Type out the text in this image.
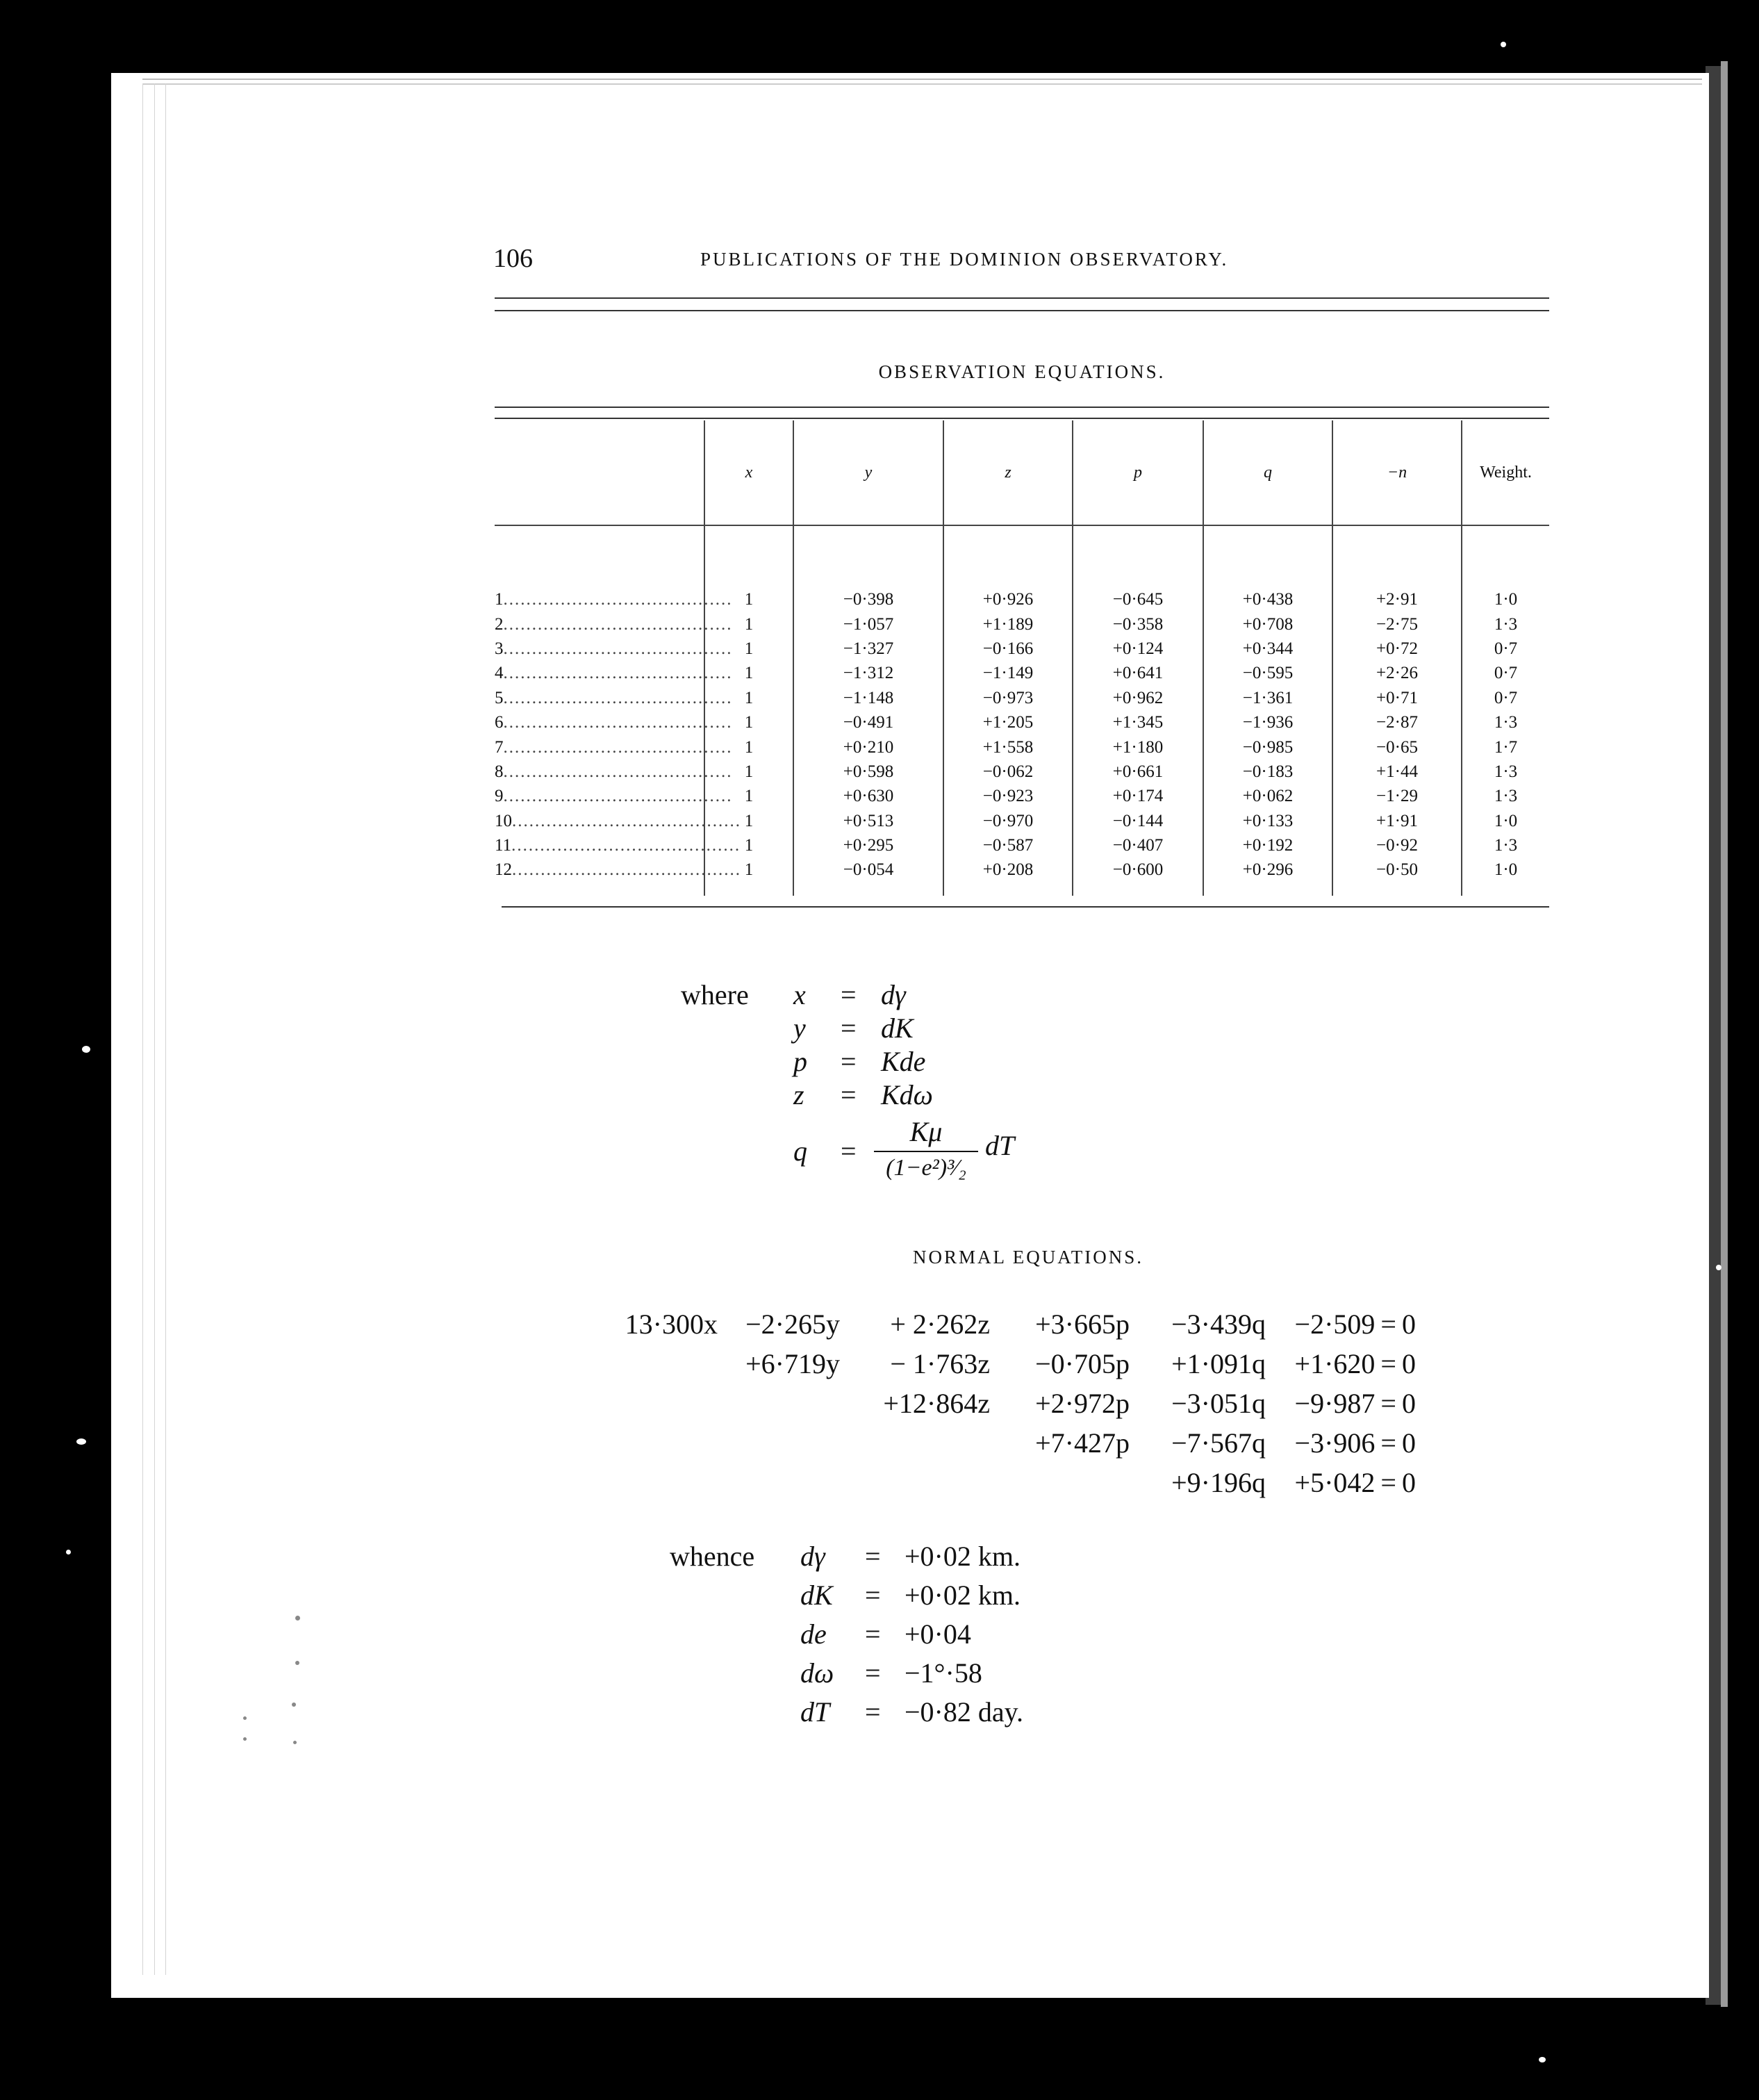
106	PUBLICATIONS OF THE DOMINION OBSERVATORY.
OBSERVATION EQUATIONS.
	x	y	z	p	q	−n	Weight.

1........................................	1	−0·398	+0·926	−0·645	+0·438	+2·91	1·0
2........................................	1	−1·057	+1·189	−0·358	+0·708	−2·75	1·3
3........................................	1	−1·327	−0·166	+0·124	+0·344	+0·72	0·7
4........................................	1	−1·312	−1·149	+0·641	−0·595	+2·26	0·7
5........................................	1	−1·148	−0·973	+0·962	−1·361	+0·71	0·7
6........................................	1	−0·491	+1·205	+1·345	−1·936	−2·87	1·3
7........................................	1	+0·210	+1·558	+1·180	−0·985	−0·65	1·7
8........................................	1	+0·598	−0·062	+0·661	−0·183	+1·44	1·3
9........................................	1	+0·630	−0·923	+0·174	+0·062	−1·29	1·3
10........................................	1	+0·513	−0·970	−0·144	+0·133	+1·91	1·0
11........................................	1	+0·295	−0·587	−0·407	+0·192	−0·92	1·3
12........................................	1	−0·054	+0·208	−0·600	+0·296	−0·50	1·0
where x = dγ
y = dK
p = Kde
z = Kdω
q =	dT
Kμ
(1−e²)³⁄₂
NORMAL EQUATIONS.
13·300x	−2·265y	+ 2·262z	+3·665p	−3·439q	−2·509 = 0
	+6·719y	− 1·763z	−0·705p	+1·091q	+1·620 = 0
		+12·864z	+2·972p	−3·051q	−9·987 = 0
			+7·427p	−7·567q	−3·906 = 0
				+9·196q	+5·042 = 0
whence dγ = +0·02 km.
dK = +0·02 km.
de = +0·04
dω = −1°·58
dT = −0·82 day.
